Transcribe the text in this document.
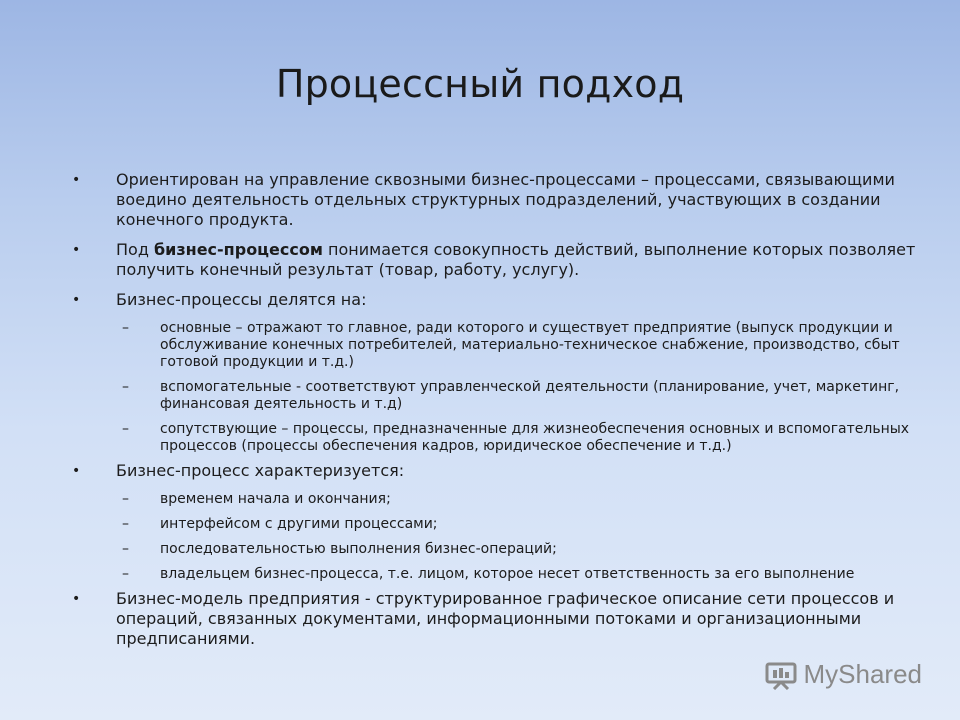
Процессный подход
• Ориентирован на управление сквозными бизнес-процессами – процессами, связывающими воедино деятельность отдельных структурных подразделений, участвующих в создании конечного продукта.
• Под бизнес-процессом понимается совокупность действий, выполнение которых позволяет получить конечный результат (товар, работу, услугу).
• Бизнес-процессы делятся на:
– основные – отражают то главное, ради которого и существует предприятие (выпуск продукции и обслуживание конечных потребителей, материально-техническое снабжение, производство, сбыт готовой продукции и т.д.)
– вспомогательные - соответствуют управленческой деятельности (планирование, учет, маркетинг, финансовая деятельность и т.д)
– сопутствующие – процессы, предназначенные для жизнеобеспечения основных и вспомогательных процессов (процессы обеспечения кадров, юридическое обеспечение и т.д.)
• Бизнес-процесс характеризуется:
– временем начала и окончания;
– интерфейсом с другими процессами;
– последовательностью выполнения бизнес-операций;
– владельцем бизнес-процесса, т.е. лицом, которое несет ответственность за его выполнение
• Бизнес-модель предприятия - структурированное графическое описание сети процессов и операций, связанных документами, информационными потоками и организационными предписаниями.
MyShared
